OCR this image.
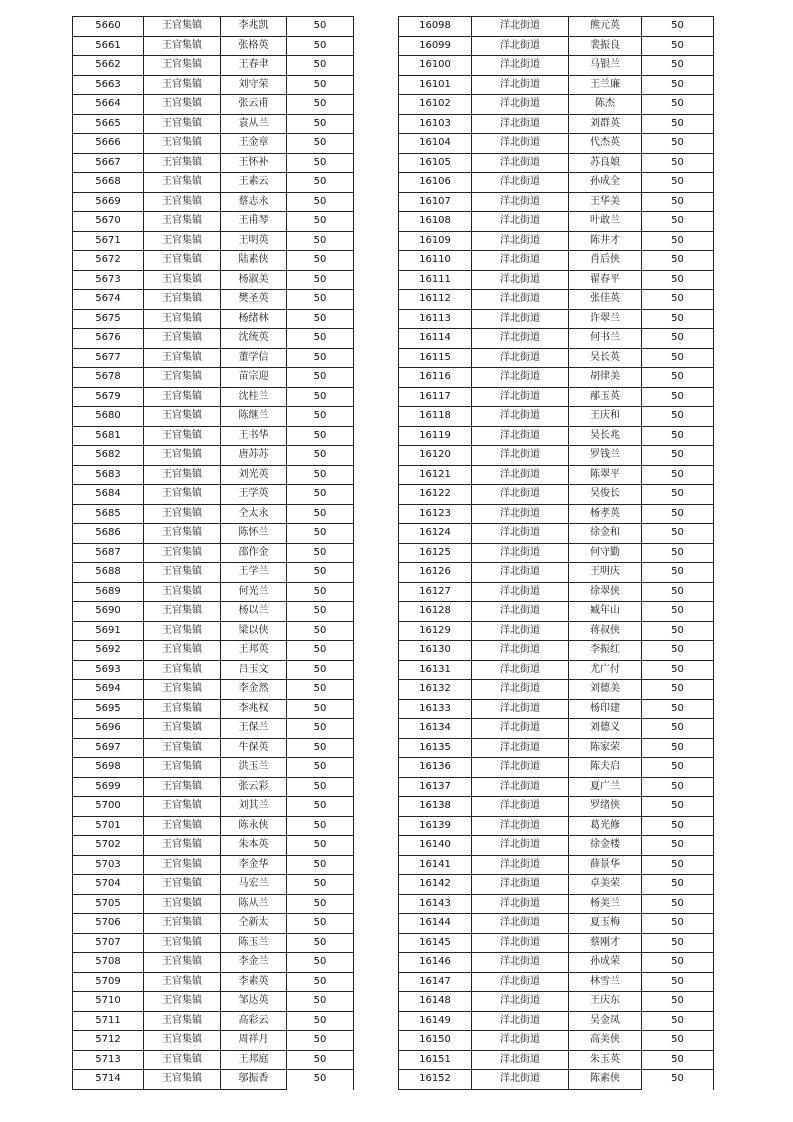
5660	王官集镇	李兆凯	50
5661	王官集镇	张格英	50
5662	王官集镇	王春聿	50
5663	王官集镇	刘守荣	50
5664	王官集镇	张云甫	50
5665	王官集镇	袁从兰	50
5666	王官集镇	王金章	50
5667	王官集镇	王怀补	50
5668	王官集镇	王素云	50
5669	王官集镇	蔡志永	50
5670	王官集镇	王甫琴	50
5671	王官集镇	王明英	50
5672	王官集镇	陆素侠	50
5673	王官集镇	杨淑美	50
5674	王官集镇	樊圣英	50
5675	王官集镇	杨绪林	50
5676	王官集镇	沈统英	50
5677	王官集镇	董学信	50
5678	王官集镇	苗宗迎	50
5679	王官集镇	沈桂兰	50
5680	王官集镇	陈继兰	50
5681	王官集镇	王书华	50
5682	王官集镇	唐苏苏	50
5683	王官集镇	刘光英	50
5684	王官集镇	王学英	50
5685	王官集镇	仝太永	50
5686	王官集镇	陈怀兰	50
5687	王官集镇	邵作金	50
5688	王官集镇	王学兰	50
5689	王官集镇	何光兰	50
5690	王官集镇	杨以兰	50
5691	王官集镇	梁以侠	50
5692	王官集镇	王邦英	50
5693	王官集镇	吕玉文	50
5694	王官集镇	李金然	50
5695	王官集镇	李兆权	50
5696	王官集镇	王保兰	50
5697	王官集镇	牛保英	50
5698	王官集镇	洪玉兰	50
5699	王官集镇	张云彩	50
5700	王官集镇	刘其兰	50
5701	王官集镇	陈永侠	50
5702	王官集镇	朱本英	50
5703	王官集镇	李金华	50
5704	王官集镇	马宏兰	50
5705	王官集镇	陈从兰	50
5706	王官集镇	仝新太	50
5707	王官集镇	陈玉兰	50
5708	王官集镇	李金兰	50
5709	王官集镇	李素英	50
5710	王官集镇	邹达英	50
5711	王官集镇	高彩云	50
5712	王官集镇	周祥月	50
5713	王官集镇	王邦庭	50
5714	王官集镇	邬振香	50
16098	洋北街道	熊元英	50
16099	洋北街道	裴振良	50
16100	洋北街道	马银兰	50
16101	洋北街道	王兰廉	50
16102	洋北街道	陈杰	50
16103	洋北街道	刘群英	50
16104	洋北街道	代杰英	50
16105	洋北街道	苏良娘	50
16106	洋北街道	孙成全	50
16107	洋北街道	王华美	50
16108	洋北街道	叶敢兰	50
16109	洋北街道	陈井才	50
16110	洋北街道	肖后侠	50
16111	洋北街道	翟春平	50
16112	洋北街道	张佳英	50
16113	洋北街道	许翠兰	50
16114	洋北街道	何书兰	50
16115	洋北街道	吴长英	50
16116	洋北街道	胡律美	50
16117	洋北街道	邴玉英	50
16118	洋北街道	王庆和	50
16119	洋北街道	吴长兆	50
16120	洋北街道	罗钱兰	50
16121	洋北街道	陈翠平	50
16122	洋北街道	吴俊长	50
16123	洋北街道	杨孝英	50
16124	洋北街道	徐金和	50
16125	洋北街道	何守勤	50
16126	洋北街道	王明庆	50
16127	洋北街道	徐翠侠	50
16128	洋北街道	臧年山	50
16129	洋北街道	蒋叔侠	50
16130	洋北街道	李振红	50
16131	洋北街道	尤广付	50
16132	洋北街道	刘德美	50
16133	洋北街道	杨印建	50
16134	洋北街道	刘德义	50
16135	洋北街道	陈家荣	50
16136	洋北街道	陈夫启	50
16137	洋北街道	夏广兰	50
16138	洋北街道	罗绪侠	50
16139	洋北街道	葛光修	50
16140	洋北街道	徐金楼	50
16141	洋北街道	薛景华	50
16142	洋北街道	卓美荣	50
16143	洋北街道	杨美兰	50
16144	洋北街道	夏玉梅	50
16145	洋北街道	蔡刚才	50
16146	洋北街道	孙成荣	50
16147	洋北街道	林雪兰	50
16148	洋北街道	王庆东	50
16149	洋北街道	吴金凤	50
16150	洋北街道	高美侠	50
16151	洋北街道	朱玉英	50
16152	洋北街道	陈素侠	50
